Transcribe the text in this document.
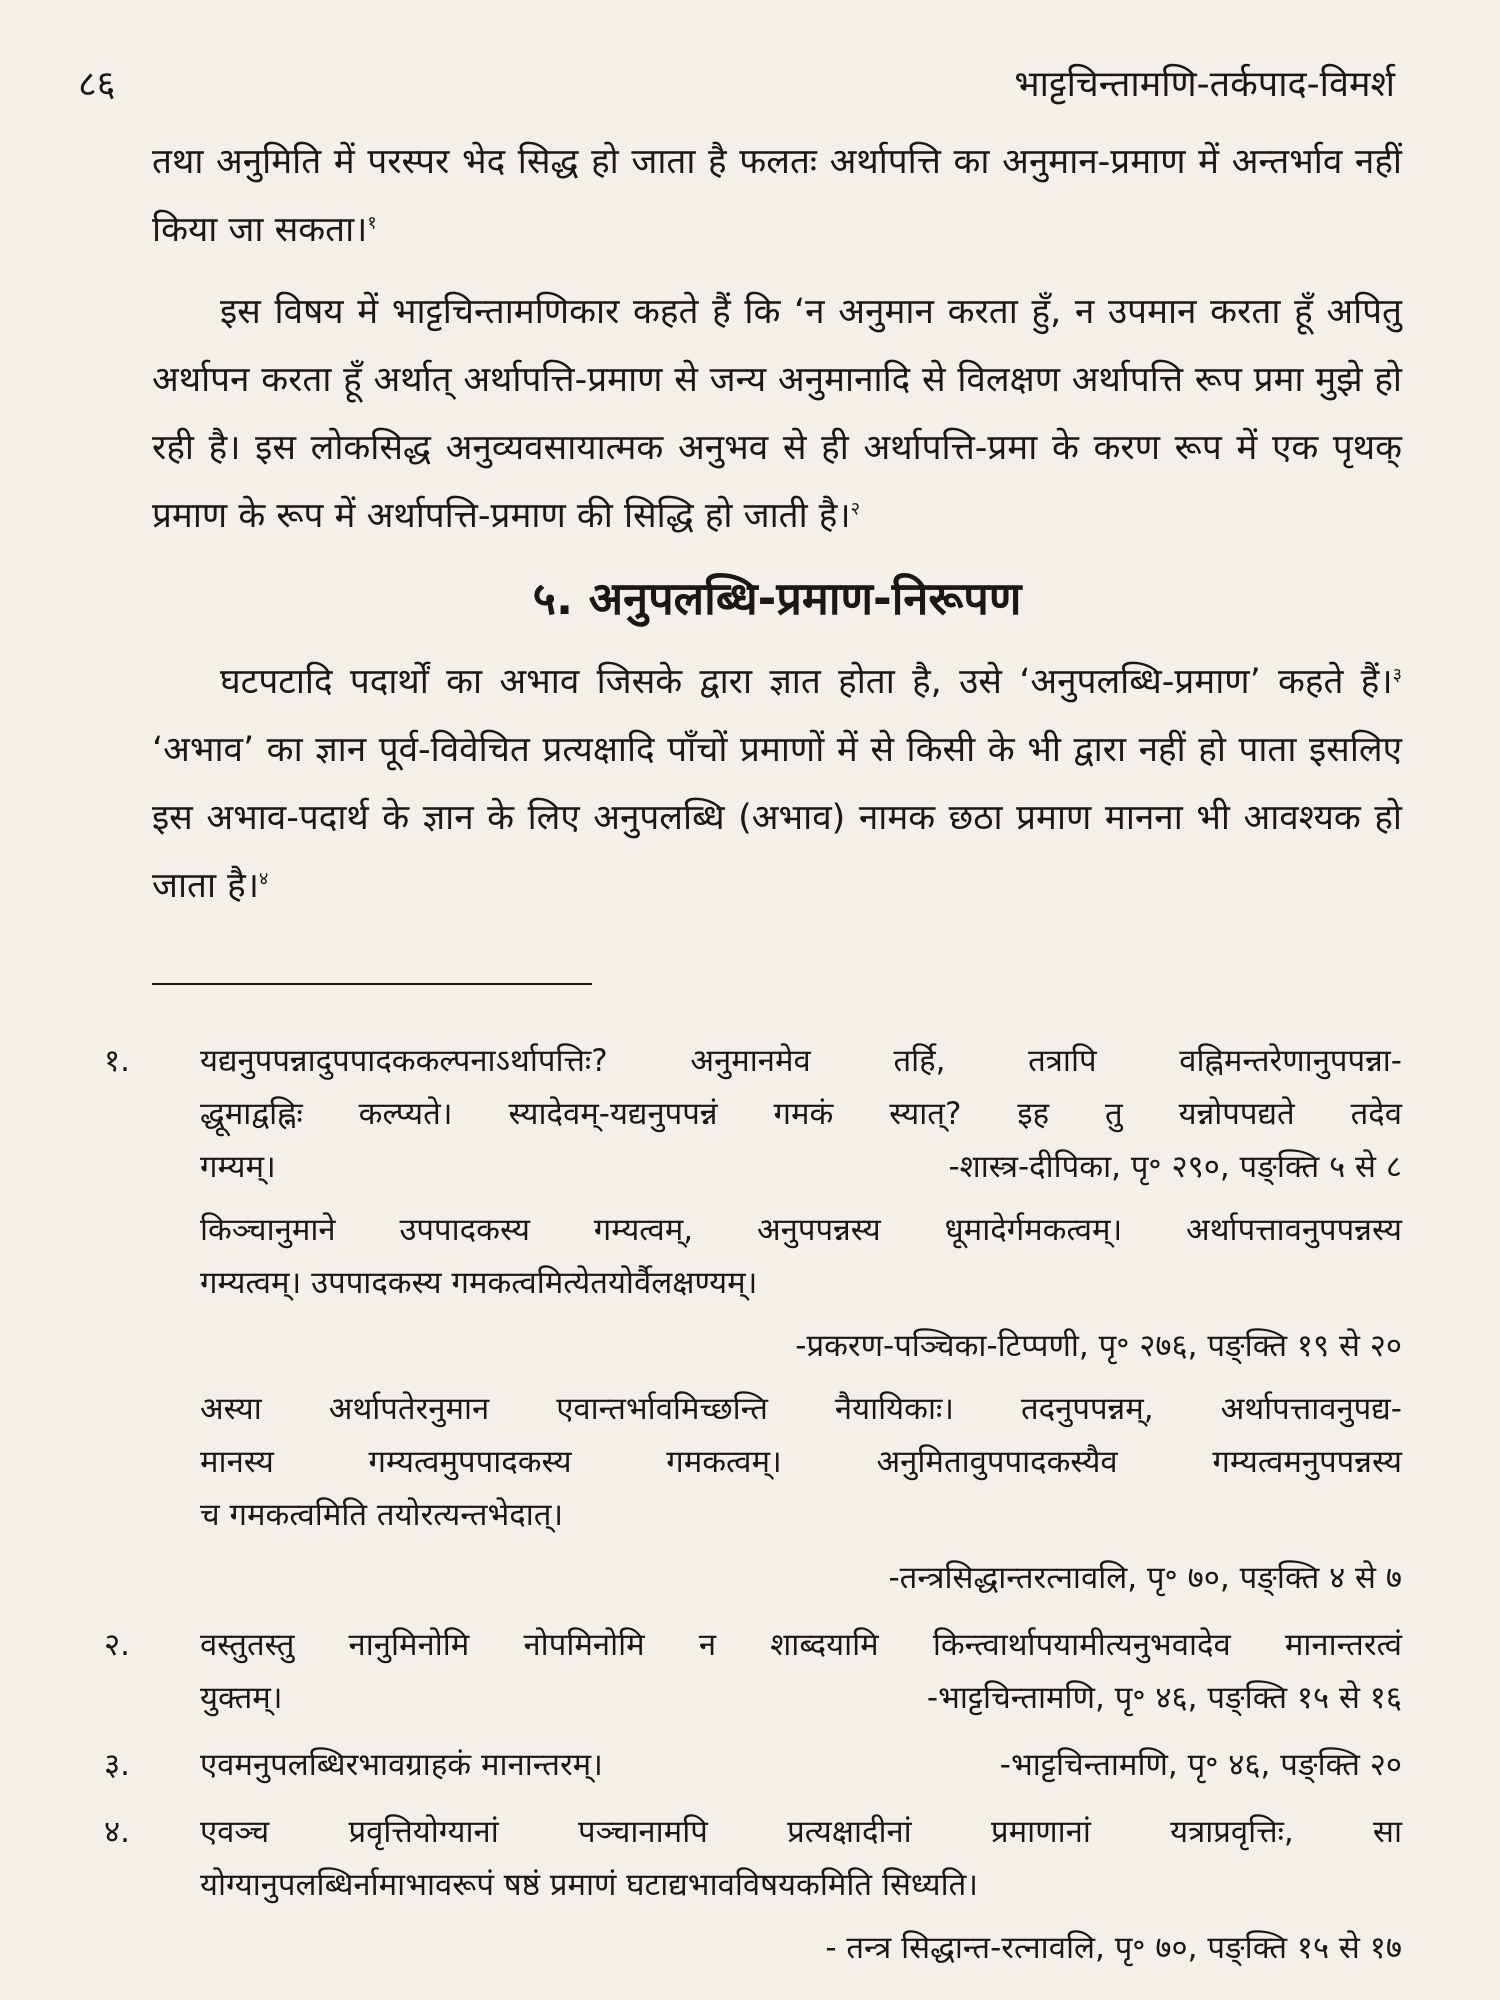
८६	भाट्टचिन्तामणि-तर्कपाद-विमर्श

तथा अनुमिति में परस्पर भेद सिद्ध हो जाता है फलतः अर्थापत्ति का अनुमान-प्रमाण में अन्तर्भाव नहीं किया जा सकता।$^१$

इस विषय में भाट्टचिन्तामणिकार कहते हैं कि ‘न अनुमान करता हुँ, न उपमान करता हूँ अपितु अर्थापन करता हूँ अर्थात् अर्थापत्ति-प्रमाण से जन्य अनुमानादि से विलक्षण अर्थापत्ति रूप प्रमा मुझे हो रही है। इस लोकसिद्ध अनुव्यवसायात्मक अनुभव से ही अर्थापत्ति-प्रमा के करण रूप में एक पृथक् प्रमाण के रूप में अर्थापत्ति-प्रमाण की सिद्धि हो जाती है।$^२$

५. अनुपलब्धि-प्रमाण-निरूपण

घटपटादि पदार्थों का अभाव जिसके द्वारा ज्ञात होता है, उसे ‘अनुपलब्धि-प्रमाण’ कहते हैं।$^३$ ‘अभाव’ का ज्ञान पूर्व-विवेचित प्रत्यक्षादि पाँचों प्रमाणों में से किसी के भी द्वारा नहीं हो पाता इसलिए इस अभाव-पदार्थ के ज्ञान के लिए अनुपलब्धि (अभाव) नामक छठा प्रमाण मानना भी आवश्यक हो जाता है।$^४$

१. यद्यनुपपन्नादुपपादककल्पनाऽर्थापत्तिः? अनुमानमेव तर्हि, तत्रापि वह्निमन्तरेणानुपपन्ना-

द्धूमाद्वह्निः कल्प्यते। स्यादेवम्-यद्यनुपपन्नं गमकं स्यात्? इह तु यन्नोपपद्यते तदेव

गम्यम्।	-शास्त्र-दीपिका, पृ॰ २९०, पङ्क्ति ५ से ८

किञ्चानुमाने उपपादकस्य गम्यत्वम्, अनुपपन्नस्य धूमादेर्गमकत्वम्। अर्थापत्तावनुपपन्नस्य

गम्यत्वम्। उपपादकस्य गमकत्वमित्येतयोर्वैलक्षण्यम्।

-प्रकरण-पञ्चिका-टिप्पणी, पृ॰ २७६, पङ्क्ति १९ से २०

अस्या अर्थापतेरनुमान एवान्तर्भावमिच्छन्ति नैयायिकाः। तदनुपपन्नम्, अर्थापत्तावनुपद्य-

मानस्य गम्यत्वमुपपादकस्य गमकत्वम्। अनुमितावुपपादकस्यैव गम्यत्वमनुपपन्नस्य

च गमकत्वमिति तयोरत्यन्तभेदात्।

-तन्त्रसिद्धान्तरत्नावलि, पृ॰ ७०, पङ्क्ति ४ से ७

२. वस्तुतस्तु नानुमिनोमि नोपमिनोमि न शाब्दयामि किन्त्वार्थापयामीत्यनुभवादेव मानान्तरत्वं

युक्तम्।	-भाट्टचिन्तामणि, पृ॰ ४६, पङ्क्ति १५ से १६
३. एवमनुपलब्धिरभावग्राहकं मानान्तरम्।	-भाट्टचिन्तामणि, पृ॰ ४६, पङ्क्ति २०
४. एवञ्च प्रवृत्तियोग्यानां पञ्चानामपि प्रत्यक्षादीनां प्रमाणानां यत्राप्रवृत्तिः, सा

योग्यानुपलब्धिर्नामाभावरूपं षष्ठं प्रमाणं घटाद्यभावविषयकमिति सिध्यति।

- तन्त्र सिद्धान्त-रत्नावलि, पृ॰ ७०, पङ्क्ति १५ से १७
